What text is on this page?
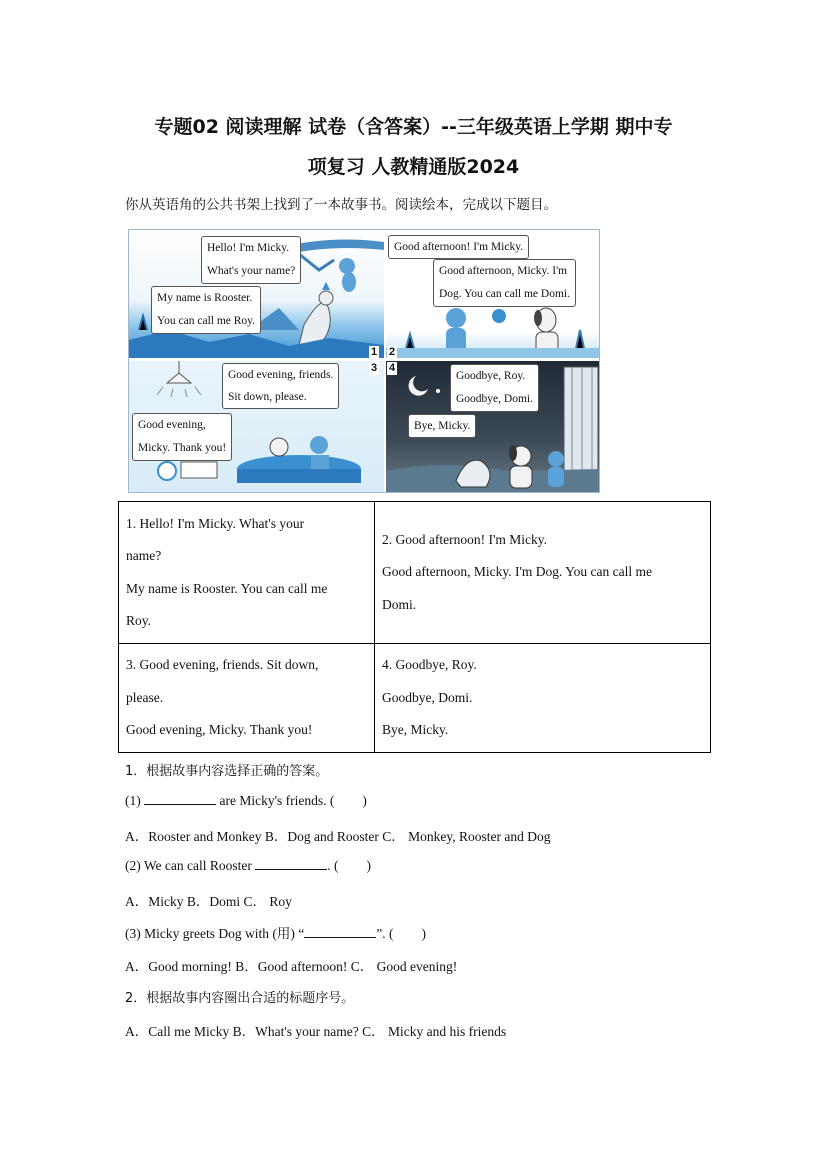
专题02 阅读理解 试卷（含答案）--三年级英语上学期 期中专
项复习 人教精通版2024
你从英语角的公共书架上找到了一本故事书。阅读绘本，完成以下题目。
Hello! I'm Micky.
What's your name?
My name is Rooster.
You can call me Roy.
Good afternoon! I'm Micky.
Good afternoon, Micky. I'm
Dog. You can call me Domi.
Good evening, friends.
Sit down, please.
Good evening,
Micky. Thank you!
Goodbye, Roy.
Goodbye, Domi.
Bye, Micky.
1 2
3 4
1. Hello! I'm Micky. What's your
name?
My name is Rooster. You can call me
Roy.	2. Good afternoon! I'm Micky.
Good afternoon, Micky. I'm Dog. You can call me
Domi.

3. Good evening, friends. Sit down,
please.
Good evening, Micky. Thank you!	4. Goodbye, Roy.
Goodbye, Domi.
Bye, Micky.
1．根据故事内容选择正确的答案。
(1)	are Micky's friends. ( )
A．Rooster and Monkey B．Dog and Rooster C． Monkey, Rooster and Dog
(2) We can call Rooster	. ( )
A．Micky B．Domi C． Roy
(3) Micky greets Dog with (用) “	”. ( )
A．Good morning! B．Good afternoon! C． Good evening!
2．根据故事内容圈出合适的标题序号。
A．Call me Micky B．What's your name? C． Micky and his friends
